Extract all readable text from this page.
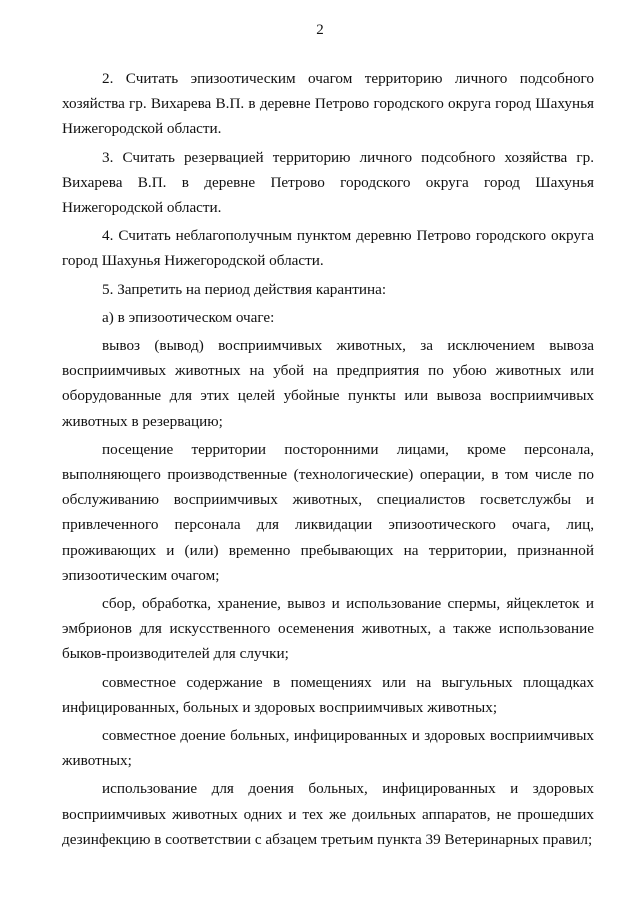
2

2. Считать эпизоотическим очагом территорию личного подсобного хозяйства гр. Вихарева В.П. в деревне Петрово городского округа город Шахунья Нижегородской области.

3. Считать резервацией территорию личного подсобного хозяйства гр. Вихарева В.П. в деревне Петрово городского округа город Шахунья Нижегородской области.

4. Считать неблагополучным пунктом деревню Петрово городского округа город Шахунья Нижегородской области.

5. Запретить на период действия карантина:

а) в эпизоотическом очаге:

вывоз (вывод) восприимчивых животных, за исключением вывоза восприимчивых животных на убой на предприятия по убою животных или оборудованные для этих целей убойные пункты или вывоза восприимчивых животных в резервацию;

посещение территории посторонними лицами, кроме персонала, выполняющего производственные (технологические) операции, в том числе по обслуживанию восприимчивых животных, специалистов госветслужбы и привлеченного персонала для ликвидации эпизоотического очага, лиц, проживающих и (или) временно пребывающих на территории, признанной эпизоотическим очагом;

сбор, обработка, хранение, вывоз и использование спермы, яйцеклеток и эмбрионов для искусственного осеменения животных, а также использование быков-производителей для случки;

совместное содержание в помещениях или на выгульных площадках инфицированных, больных и здоровых восприимчивых животных;

совместное доение больных, инфицированных и здоровых восприимчивых животных;

использование для доения больных, инфицированных и здоровых восприимчивых животных одних и тех же доильных аппаратов, не прошедших дезинфекцию в соответствии с абзацем третьим пункта 39 Ветеринарных правил;
